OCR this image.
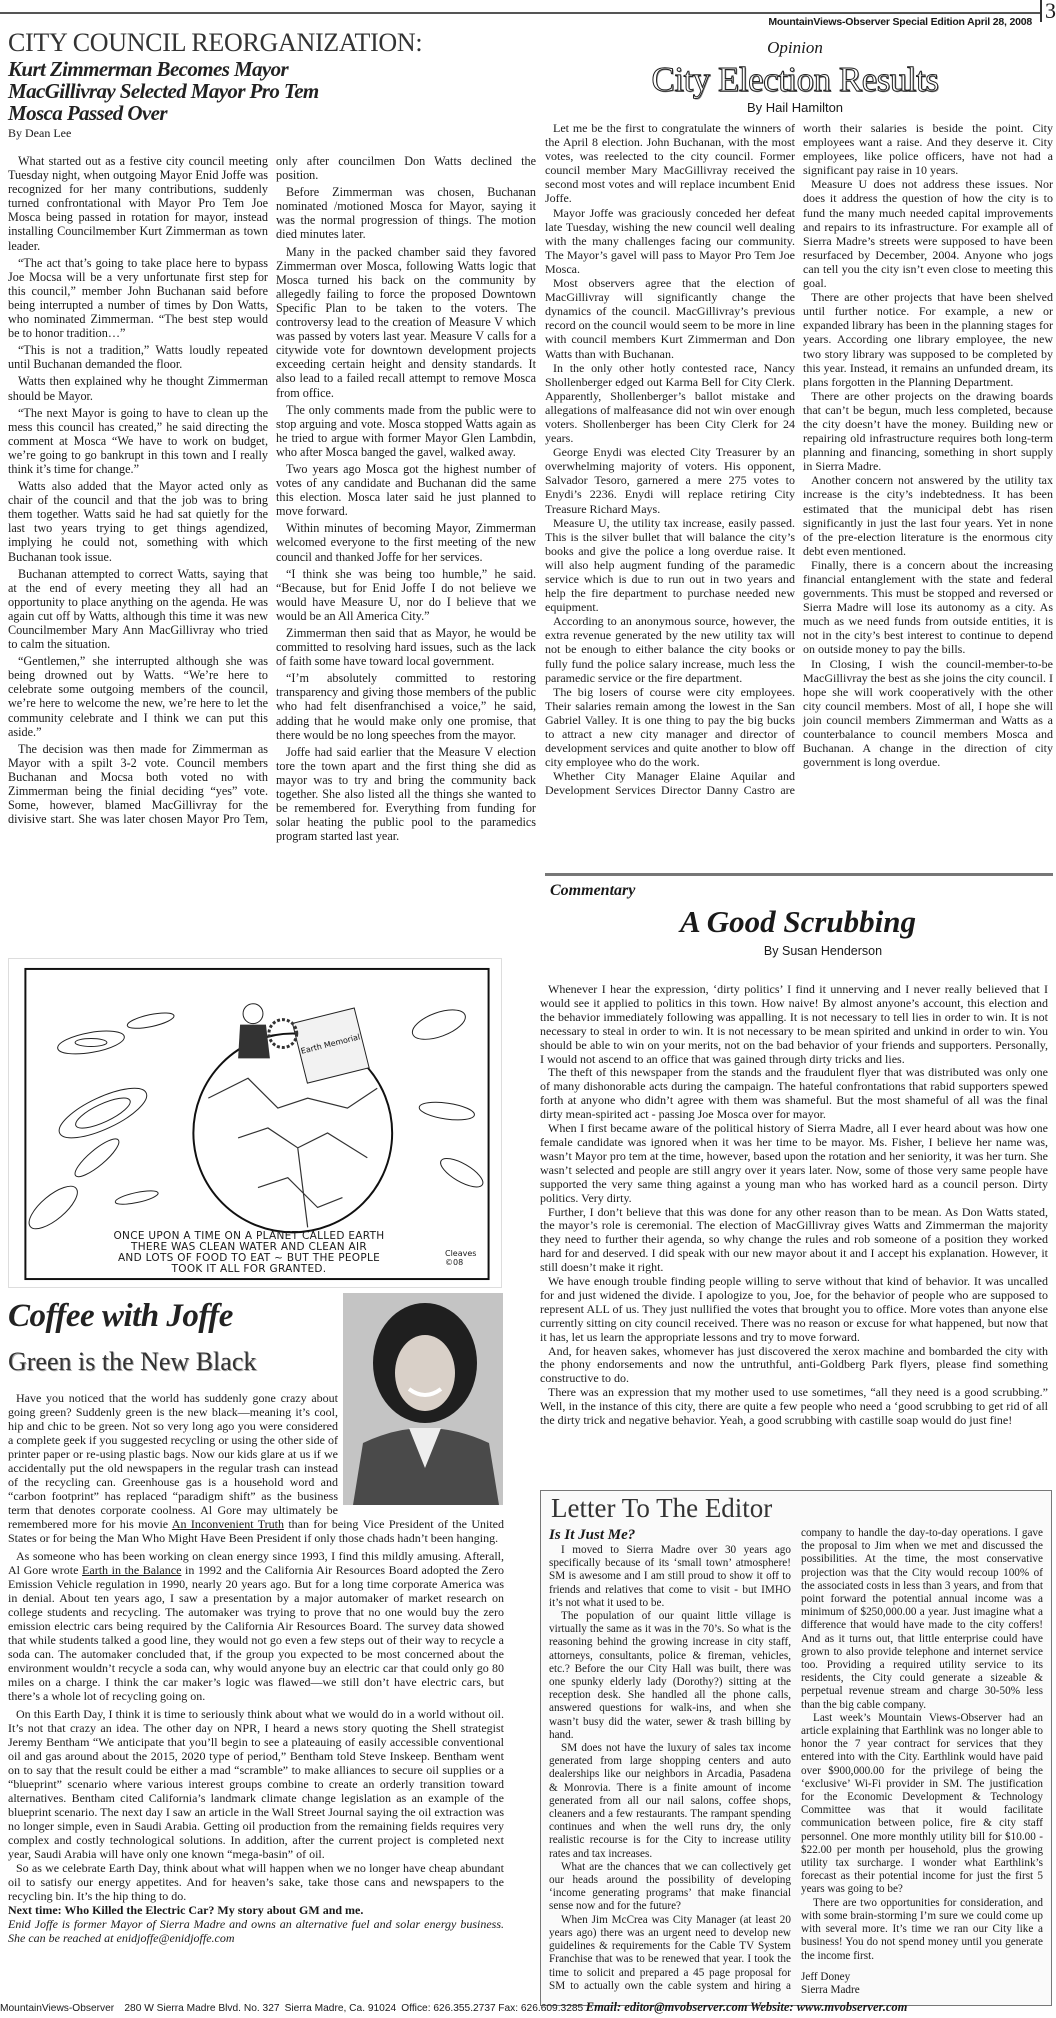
3
MountainViews-Observer Special Edition April 28, 2008
CITY COUNCIL REORGANIZATION:
Kurt Zimmerman Becomes Mayor
MacGillivray Selected Mayor Pro Tem
Mosca Passed Over
By Dean Lee

What started out as a festive city council meeting Tuesday night, when outgoing Mayor Enid Joffe was recognized for her many contributions, suddenly turned confrontational with Mayor Pro Tem Joe Mosca being passed in rotation for mayor, instead installing Councilmember Kurt Zimmerman as town leader.

“The act that’s going to take place here to bypass Joe Mocsa will be a very unfortunate first step for this council,” member John Buchanan said before being interrupted a number of times by Don Watts, who nominated Zimmerman. “The best step would be to honor tradition…”

“This is not a tradition,” Watts loudly repeated until Buchanan demanded the floor.

Watts then explained why he thought Zimmerman should be Mayor.

“The next Mayor is going to have to clean up the mess this council has created,” he said directing the comment at Mosca “We have to work on budget, we’re going to go bankrupt in this town and I really think it’s time for change.”

Watts also added that the Mayor acted only as chair of the council and that the job was to bring them together. Watts said he had sat quietly for the last two years trying to get things agendized, implying he could not, something with which Buchanan took issue.

Buchanan attempted to correct Watts, saying that at the end of every meeting they all had an opportunity to place anything on the agenda. He was again cut off by Watts, although this time it was new Councilmember Mary Ann MacGillivray who tried to calm the situation.

“Gentlemen,” she interrupted although she was being drowned out by Watts. “We’re here to celebrate some outgoing members of the council, we’re here to welcome the new, we’re here to let the community celebrate and I think we can put this aside.”

The decision was then made for Zimmerman as Mayor with a spilt 3-2 vote. Council members Buchanan and Mocsa both voted no with Zimmerman being the finial deciding “yes” vote. Some, however, blamed MacGillivray for the divisive start. She was later chosen Mayor Pro Tem, only after councilmen Don Watts declined the position.

Before Zimmerman was chosen, Buchanan nominated /motioned Mosca for Mayor, saying it was the normal progression of things. The motion died minutes later.

Many in the packed chamber said they favored Zimmerman over Mosca, following Watts logic that Mosca turned his back on the community by allegedly failing to force the proposed Downtown Specific Plan to be taken to the voters. The controversy lead to the creation of Measure V which was passed by voters last year. Measure V calls for a citywide vote for downtown development projects exceeding certain height and density standards. It also lead to a failed recall attempt to remove Mosca from office.

The only comments made from the public were to stop arguing and vote. Mosca stopped Watts again as he tried to argue with former Mayor Glen Lambdin, who after Mosca banged the gavel, walked away.

Two years ago Mosca got the highest number of votes of any candidate and Buchanan did the same this election. Mosca later said he just planned to move forward.

Within minutes of becoming Mayor, Zimmerman welcomed everyone to the first meeting of the new council and thanked Joffe for her services.

“I think she was being too humble,” he said. “Because, but for Enid Joffe I do not believe we would have Measure U, nor do I believe that we would be an All America City.”

Zimmerman then said that as Mayor, he would be committed to resolving hard issues, such as the lack of faith some have toward local government.

“I’m absolutely committed to restoring transparency and giving those members of the public who had felt disenfranchised a voice,” he said, adding that he would make only one promise, that there would be no long speeches from the mayor.

Joffe had said earlier that the Measure V election tore the town apart and the first thing she did as mayor was to try and bring the community back together. She also listed all the things she wanted to be remembered for. Everything from funding for solar heating the public pool to the paramedics program started last year.

Opinion
City Election Results
By Hail Hamilton

Let me be the first to congratulate the winners of the April 8 election. John Buchanan, with the most votes, was reelected to the city council. Former council member Mary MacGillivray received the second most votes and will replace incumbent Enid Joffe.

Mayor Joffe was graciously conceded her defeat late Tuesday, wishing the new council well dealing with the many challenges facing our community. The Mayor’s gavel will pass to Mayor Pro Tem Joe Mosca.

Most observers agree that the election of MacGillivray will significantly change the dynamics of the council. MacGillivray’s previous record on the council would seem to be more in line with council members Kurt Zimmerman and Don Watts than with Buchanan.

In the only other hotly contested race, Nancy Shollenberger edged out Karma Bell for City Clerk. Apparently, Shollenberger’s ballot mistake and allegations of malfeasance did not win over enough voters. Shollenberger has been City Clerk for 24 years.

George Enydi was elected City Treasurer by an overwhelming majority of voters. His opponent, Salvador Tesoro, garnered a mere 275 votes to Enydi’s 2236. Enydi will replace retiring City Treasure Richard Mays.

Measure U, the utility tax increase, easily passed. This is the silver bullet that will balance the city’s books and give the police a long overdue raise. It will also help augment funding of the paramedic service which is due to run out in two years and help the fire department to purchase needed new equipment.

According to an anonymous source, however, the extra revenue generated by the new utility tax will not be enough to either balance the city books or fully fund the police salary increase, much less the paramedic service or the fire department.

The big losers of course were city employees. Their salaries remain among the lowest in the San Gabriel Valley. It is one thing to pay the big bucks to attract a new city manager and director of development services and quite another to blow off city employee who do the work.

Whether City Manager Elaine Aquilar and Development Services Director Danny Castro are worth their salaries is beside the point. City employees want a raise. And they deserve it. City employees, like police officers, have not had a significant pay raise in 10 years.

Measure U does not address these issues. Nor does it address the question of how the city is to fund the many much needed capital improvements and repairs to its infrastructure. For example all of Sierra Madre’s streets were supposed to have been resurfaced by December, 2004. Anyone who jogs can tell you the city isn’t even close to meeting this goal.

There are other projects that have been shelved until further notice. For example, a new or expanded library has been in the planning stages for years. According one library employee, the new two story library was supposed to be completed by this year. Instead, it remains an unfunded dream, its plans forgotten in the Planning Department.

There are other projects on the drawing boards that can’t be begun, much less completed, because the city doesn’t have the money. Building new or repairing old infrastructure requires both long-term planning and financing, something in short supply in Sierra Madre.

Another concern not answered by the utility tax increase is the city’s indebtedness. It has been estimated that the municipal debt has risen significantly in just the last four years. Yet in none of the pre-election literature is the enormous city debt even mentioned.

Finally, there is a concern about the increasing financial entanglement with the state and federal governments. This must be stopped and reversed or Sierra Madre will lose its autonomy as a city. As much as we need funds from outside entities, it is not in the city’s best interest to continue to depend on outside money to pay the bills.

In Closing, I wish the council-member-to-be MacGillivray the best as she joins the city council. I hope she will work cooperatively with the other city council members. Most of all, I hope she will join council members Zimmerman and Watts as a counterbalance to council members Mosca and Buchanan. A change in the direction of city government is long overdue.

Commentary
A Good Scrubbing
By Susan Henderson

Whenever I hear the expression, ‘dirty politics’ I find it unnerving and I never really believed that I would see it applied to politics in this town. How naive! By almost anyone’s account, this election and the behavior immediately following was appalling. It is not necessary to tell lies in order to win. It is not necessary to steal in order to win. It is not necessary to be mean spirited and unkind in order to win. You should be able to win on your merits, not on the bad behavior of your friends and supporters. Personally, I would not ascend to an office that was gained through dirty tricks and lies.

The theft of this newspaper from the stands and the fraudulent flyer that was distributed was only one of many dishonorable acts during the campaign. The hateful confrontations that rabid supporters spewed forth at anyone who didn’t agree with them was shameful. But the most shameful of all was the final dirty mean-spirited act - passing Joe Mosca over for mayor.

When I first became aware of the political history of Sierra Madre, all I ever heard about was how one female candidate was ignored when it was her time to be mayor. Ms. Fisher, I believe her name was, wasn’t Mayor pro tem at the time, however, based upon the rotation and her seniority, it was her turn. She wasn’t selected and people are still angry over it years later. Now, some of those very same people have supported the very same thing against a young man who has worked hard as a council person. Dirty politics. Very dirty.

Further, I don’t believe that this was done for any other reason than to be mean. As Don Watts stated, the mayor’s role is ceremonial. The election of MacGillivray gives Watts and Zimmerman the majority they need to further their agenda, so why change the rules and rob someone of a position they worked hard for and deserved. I did speak with our new mayor about it and I accept his explanation. However, it still doesn’t make it right.

We have enough trouble finding people willing to serve without that kind of behavior. It was uncalled for and just widened the divide. I apologize to you, Joe, for the behavior of people who are supposed to represent ALL of us. They just nullified the votes that brought you to office. More votes than anyone else currently sitting on city council received. There was no reason or excuse for what happened, but now that it has, let us learn the appropriate lessons and try to move forward.

And, for heaven sakes, whomever has just discovered the xerox machine and bombarded the city with the phony endorsements and now the untruthful, anti-Goldberg Park flyers, please find something constructive to do.

There was an expression that my mother used to use sometimes, “all they need is a good scrubbing.” Well, in the instance of this city, there are quite a few people who need a ‘good scrubbing to get rid of all the dirty trick and negative behavior. Yeah, a good scrubbing with castille soap would do just fine!

Earth Memorial
ONCE UPON A TIME ON A PLANET CALLED EARTH
THERE WAS CLEAN WATER AND CLEAN AIR
AND LOTS OF FOOD TO EAT ~ BUT THE PEOPLE
TOOK IT ALL FOR GRANTED.
Cleaves ©08
Coffee with Joffe
Green is the New Black

Have you noticed that the world has suddenly gone crazy about going green? Suddenly green is the new black—meaning it’s cool, hip and chic to be green. Not so very long ago you were considered a complete geek if you suggested recycling or using the other side of printer paper or re-using plastic bags. Now our kids glare at us if we accidentally put the old newspapers in the regular trash can instead of the recycling can. Greenhouse gas is a household word and “carbon footprint” has replaced “paradigm shift” as the business term that denotes corporate coolness. Al Gore may ultimately be remembered more for his movie An Inconvenient Truth than for being Vice President of the United States or for being the Man Who Might Have Been President if only those chads hadn’t been hanging.

As someone who has been working on clean energy since 1993, I find this mildly amusing. Afterall, Al Gore wrote Earth in the Balance in 1992 and the California Air Resources Board adopted the Zero Emission Vehicle regulation in 1990, nearly 20 years ago. But for a long time corporate America was in denial. About ten years ago, I saw a presentation by a major automaker of market research on college students and recycling. The automaker was trying to prove that no one would buy the zero emission electric cars being required by the California Air Resources Board. The survey data showed that while students talked a good line, they would not go even a few steps out of their way to recycle a soda can. The automaker concluded that, if the group you expected to be most concerned about the environment wouldn’t recycle a soda can, why would anyone buy an electric car that could only go 80 miles on a charge. I think the car maker’s logic was flawed—we still don’t have electric cars, but there’s a whole lot of recycling going on.

On this Earth Day, I think it is time to seriously think about what we would do in a world without oil. It’s not that crazy an idea. The other day on NPR, I heard a news story quoting the Shell strategist Jeremy Bentham “We anticipate that you’ll begin to see a plateauing of easily accessible conventional oil and gas around about the 2015, 2020 type of period,” Bentham told Steve Inskeep. Bentham went on to say that the result could be either a mad “scramble” to make alliances to secure oil supplies or a “blueprint” scenario where various interest groups combine to create an orderly transition toward alternatives. Bentham cited California’s landmark climate change legislation as an example of the blueprint scenario. The next day I saw an article in the Wall Street Journal saying the oil extraction was no longer simple, even in Saudi Arabia. Getting oil production from the remaining fields requires very complex and costly technological solutions. In addition, after the current project is completed next year, Saudi Arabia will have only one known “mega-basin” of oil.

So as we celebrate Earth Day, think about what will happen when we no longer have cheap abundant oil to satisfy our energy appetites. And for heaven’s sake, take those cans and newspapers to the recycling bin. It’s the hip thing to do.

Next time: Who Killed the Electric Car? My story about GM and me.
Enid Joffe is former Mayor of Sierra Madre and owns an alternative fuel and solar energy business. She can be reached at enidjoffe@enidjoffe.com
Letter To The Editor
Is It Just Me?

I moved to Sierra Madre over 30 years ago specifically because of its ‘small town’ atmosphere! SM is awesome and I am still proud to show it off to friends and relatives that come to visit - but IMHO it’s not what it used to be.

The population of our quaint little village is virtually the same as it was in the 70’s. So what is the reasoning behind the growing increase in city staff, attorneys, consultants, police & fireman, vehicles, etc.? Before the our City Hall was built, there was one spunky elderly lady (Dorothy?) sitting at the reception desk. She handled all the phone calls, answered questions for walk-ins, and when she wasn’t busy did the water, sewer & trash billing by hand.

SM does not have the luxury of sales tax income generated from large shopping centers and auto dealerships like our neighbors in Arcadia, Pasadena & Monrovia. There is a finite amount of income generated from all our nail salons, coffee shops, cleaners and a few restaurants. The rampant spending continues and when the well runs dry, the only realistic recourse is for the City to increase utility rates and tax increases.

What are the chances that we can collectively get our heads around the possibility of developing ‘income generating programs’ that make financial sense now and for the future?

When Jim McCrea was City Manager (at least 20 years ago) there was an urgent need to develop new guidelines & requirements for the Cable TV System Franchise that was to be renewed that year. I took the time to solicit and prepared a 45 page proposal for SM to actually own the cable system and hiring a company to handle the day-to-day operations. I gave the proposal to Jim when we met and discussed the possibilities. At the time, the most conservative projection was that the City would recoup 100% of the associated costs in less than 3 years, and from that point forward the potential annual income was a minimum of $250,000.00 a year. Just imagine what a difference that would have made to the city coffers! And as it turns out, that little enterprise could have grown to also provide telephone and internet service too. Providing a required utility service to its residents, the City could generate a sizeable & perpetual revenue stream and charge 30-50% less than the big cable company.

Last week’s Mountain Views-Observer had an article explaining that Earthlink was no longer able to honor the 7 year contract for services that they entered into with the City. Earthlink would have paid over $900,000.00 for the privilege of being the ‘exclusive’ Wi-Fi provider in SM. The justification for the Economic Development & Technology Committee was that it would facilitate communication between police, fire & city staff personnel. One more monthly utility bill for $10.00 - $22.00 per month per household, plus the growing utility tax surcharge. I wonder what Earthlink’s forecast as their potential income for just the first 5 years was going to be?

There are two opportunities for consideration, and with some brain-storming I’m sure we could come up with several more. It’s time we ran our City like a business! You do not spend money until you generate the income first.

Jeff Doney
Sierra Madre

MountainViews-Observer 280 W Sierra Madre Blvd. No. 327 Sierra Madre, Ca. 91024 Office: 626.355.2737 Fax: 626.609.3285 Email: editor@mvobserver.com Website: www.mvobserver.com
